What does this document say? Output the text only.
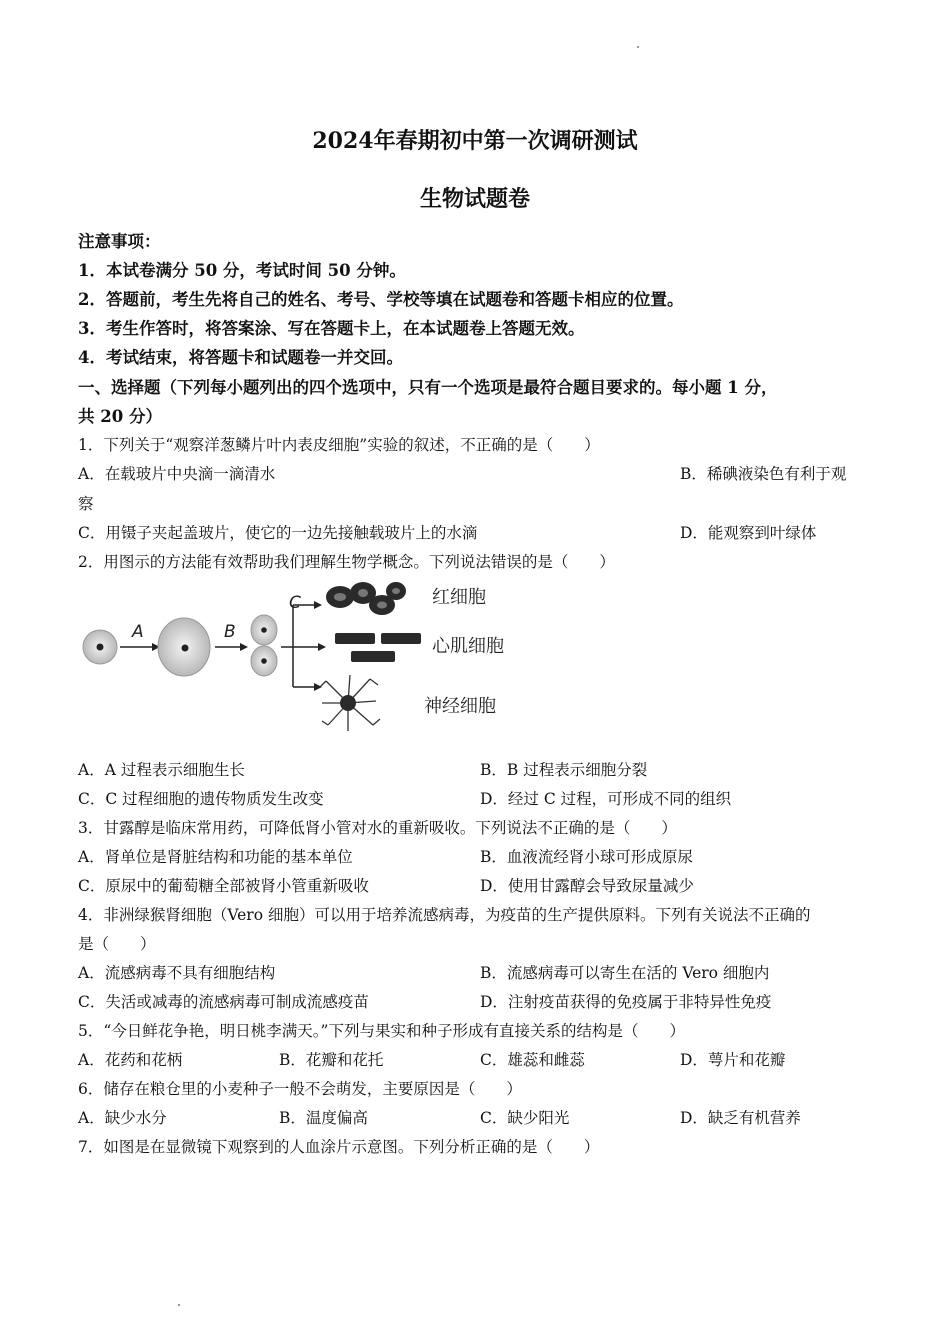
2024年春期初中第一次调研测试
生物试题卷
注意事项：
1．本试卷满分 50 分，考试时间 50 分钟。
2．答题前，考生先将自己的姓名、考号、学校等填在试题卷和答题卡相应的位置。
3．考生作答时，将答案涂、写在答题卡上，在本试题卷上答题无效。
4．考试结束，将答题卡和试题卷一并交回。
一、选择题（下列每小题列出的四个选项中，只有一个选项是最符合题目要求的。每小题 1 分，
共 20 分）
1．下列关于“观察洋葱鳞片叶内表皮细胞”实验的叙述，不正确的是（　　）
A．在载玻片中央滴一滴清水	B．稀碘液染色有利于观
察
C．用镊子夹起盖玻片，使它的一边先接触载玻片上的水滴	D．能观察到叶绿体
2．用图示的方法能有效帮助我们理解生物学概念。下列说法错误的是（　　）
A	B
C	红细胞
心肌细胞
神经细胞
A．A 过程表示细胞生长	B．B 过程表示细胞分裂
C．C 过程细胞的遗传物质发生改变	D．经过 C 过程，可形成不同的组织
3．甘露醇是临床常用药，可降低肾小管对水的重新吸收。下列说法不正确的是（　　）
A．肾单位是肾脏结构和功能的基本单位	B．血液流经肾小球可形成原尿
C．原尿中的葡萄糖全部被肾小管重新吸收	D．使用甘露醇会导致尿量减少
4．非洲绿猴肾细胞（Vero 细胞）可以用于培养流感病毒，为疫苗的生产提供原料。下列有关说法不正确的
是（　　）
A．流感病毒不具有细胞结构	B．流感病毒可以寄生在活的 Vero 细胞内
C．失活或减毒的流感病毒可制成流感疫苗	D．注射疫苗获得的免疫属于非特异性免疫
5．“今日鲜花争艳，明日桃李满天。”下列与果实和种子形成有直接关系的结构是（　　）
A．花药和花柄	B．花瓣和花托	C．雄蕊和雌蕊	D．萼片和花瓣
6．储存在粮仓里的小麦种子一般不会萌发，主要原因是（　　）
A．缺少水分	B．温度偏高	C．缺少阳光	D．缺乏有机营养
7．如图是在显微镜下观察到的人血涂片示意图。下列分析正确的是（　　）
